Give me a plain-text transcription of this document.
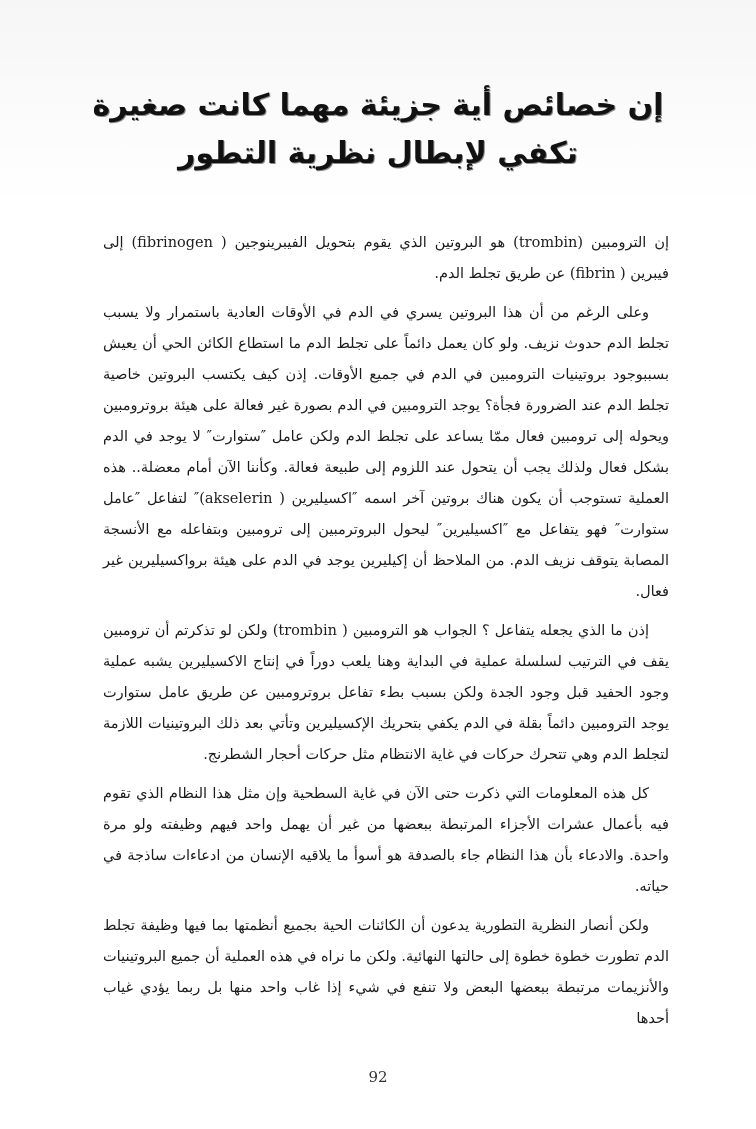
إن خصائص أية جزيئة مهما كانت صغيرة
تكفي لإبطال نظرية التطور

إن الترومبين (trombin) هو البروتين الذي يقوم بتحويل الفيبرينوجين ( fibrinogen) إلى فيبرين ( fibrin) عن طريق تجلط الدم.

وعلى الرغم من أن هذا البروتين يسري في الدم في الأوقات العادية باستمرار ولا يسبب تجلط الدم حدوث نزيف. ولو كان يعمل دائماً على تجلط الدم ما استطاع الكائن الحي أن يعيش بسببوجود بروتينيات الترومبين في الدم في جميع الأوقات. إذن كيف يكتسب البروتين خاصية تجلط الدم عند الضرورة فجأة؟ يوجد الترومبين في الدم بصورة غير فعالة على هيئة بروترومبين ويحوله إلى ترومبين فعال ممّا يساعد على تجلط الدم ولكن عامل ″ستوارت″ لا يوجد في الدم بشكل فعال ولذلك يجب أن يتحول عند اللزوم إلى طبيعة فعالة. وكأننا الآن أمام معضلة.. هذه العملية تستوجب أن يكون هناك بروتين آخر اسمه ″اكسيليرين ( akselerin)″ لتفاعل ″عامل ستوارت″ فهو يتفاعل مع ″اكسيليرين″ ليحول البروترمبين إلى ترومبين وبتفاعله مع الأنسجة المصابة يتوقف نزيف الدم. من الملاحظ أن إكيليرين يوجد في الدم على هيئة برواكسيليرين غير فعال.

إذن ما الذي يجعله يتفاعل ؟ الجواب هو الترومبين ( trombin) ولكن لو تذكرتم أن ترومبين يقف في الترتيب لسلسلة عملية في البداية وهنا يلعب دوراً في إنتاج الاكسيليرين يشبه عملية وجود الحفيد قبل وجود الجدة ولكن بسبب بطء تفاعل بروترومبين عن طريق عامل ستوارت يوجد الترومبين دائماً بقلة في الدم يكفي بتحريك الإكسيليرين وتأتي بعد ذلك البروتينيات اللازمة لتجلط الدم وهي تتحرك حركات في غاية الانتظام مثل حركات أحجار الشطرنج.

كل هذه المعلومات التي ذكرت حتى الآن في غاية السطحية وإن مثل هذا النظام الذي تقوم فيه بأعمال عشرات الأجزاء المرتبطة ببعضها من غير أن يهمل واحد فيهم وظيفته ولو مرة واحدة. والادعاء بأن هذا النظام جاء بالصدفة هو أسوأ ما يلاقيه الإنسان من ادعاءات ساذجة في حياته.

ولكن أنصار النظرية التطورية يدعون أن الكائنات الحية بجميع أنظمتها بما فيها وظيفة تجلط الدم تطورت خطوة خطوة إلى حالتها النهائية. ولكن ما نراه في هذه العملية أن جميع البروتينيات والأنزيمات مرتبطة ببعضها البعض ولا تنفع في شيء إذا غاب واحد منها بل ربما يؤدي غياب أحدها

92
